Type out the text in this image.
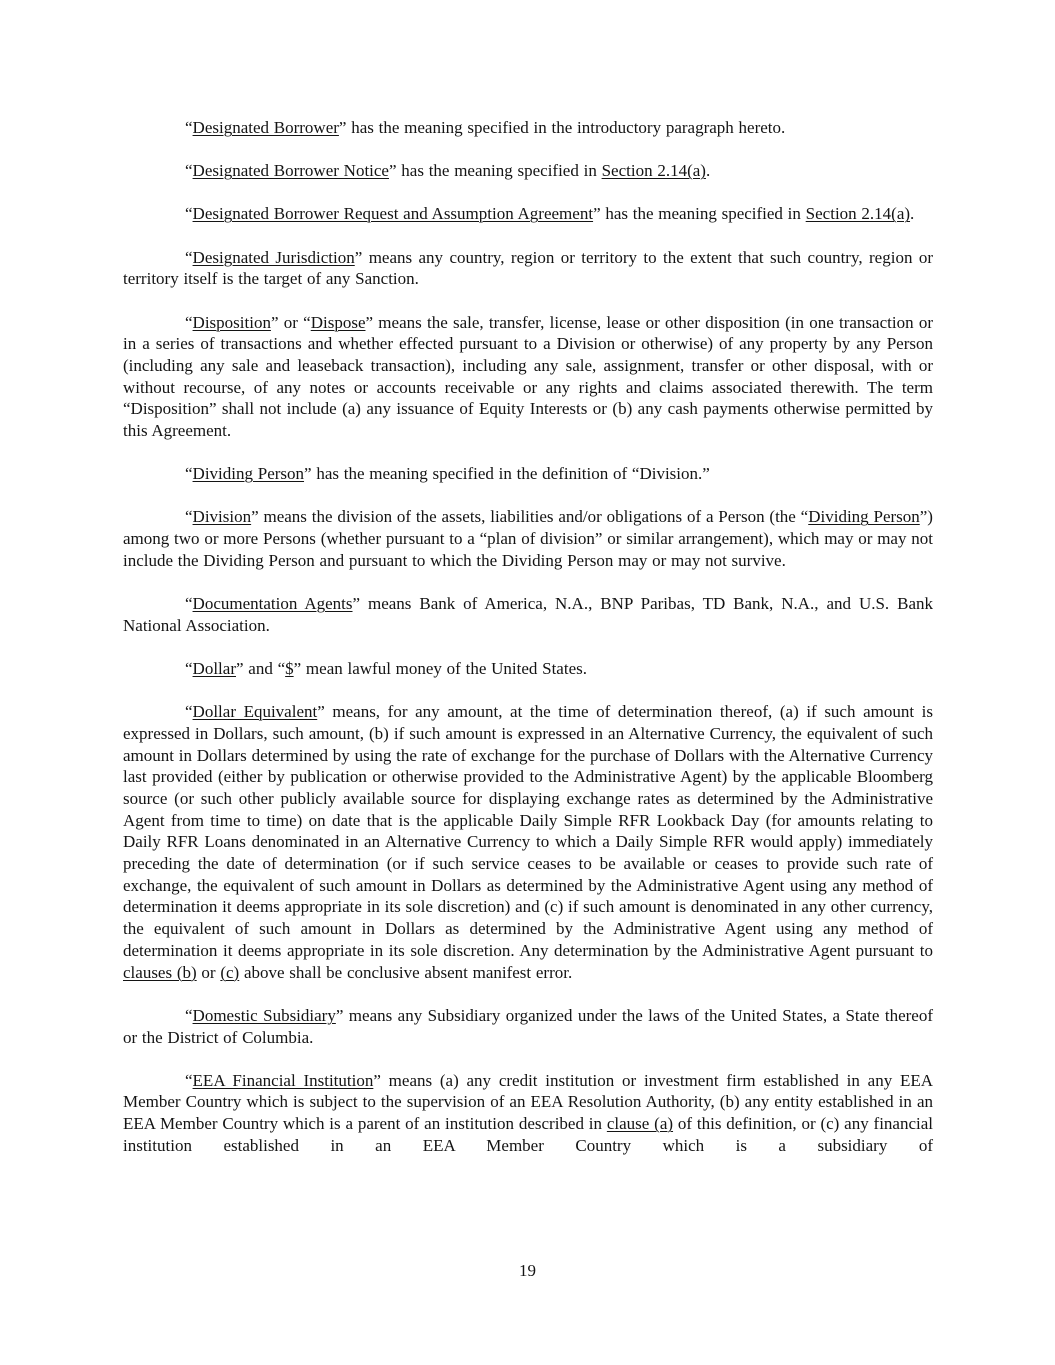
“Designated Borrower” has the meaning specified in the introductory paragraph hereto.

“Designated Borrower Notice” has the meaning specified in Section 2.14(a).

“Designated Borrower Request and Assumption Agreement” has the meaning specified in Section 2.14(a).

“Designated Jurisdiction” means any country, region or territory to the extent that such country, region or territory itself is the target of any Sanction.

“Disposition” or “Dispose” means the sale, transfer, license, lease or other disposition (in one transaction or in a series of transactions and whether effected pursuant to a Division or otherwise) of any property by any Person (including any sale and leaseback transaction), including any sale, assignment, transfer or other disposal, with or without recourse, of any notes or accounts receivable or any rights and claims associated therewith. The term “Disposition” shall not include (a) any issuance of Equity Interests or (b) any cash payments otherwise permitted by this Agreement.

“Dividing Person” has the meaning specified in the definition of “Division.”

“Division” means the division of the assets, liabilities and/or obligations of a Person (the “Dividing Person”) among two or more Persons (whether pursuant to a “plan of division” or similar arrangement), which may or may not include the Dividing Person and pursuant to which the Dividing Person may or may not survive.

“Documentation Agents” means Bank of America, N.A., BNP Paribas, TD Bank, N.A., and U.S. Bank National Association.

“Dollar” and “$” mean lawful money of the United States.

“Dollar Equivalent” means, for any amount, at the time of determination thereof, (a) if such amount is expressed in Dollars, such amount, (b) if such amount is expressed in an Alternative Currency, the equivalent of such amount in Dollars determined by using the rate of exchange for the purchase of Dollars with the Alternative Currency last provided (either by publication or otherwise provided to the Administrative Agent) by the applicable Bloomberg source (or such other publicly available source for displaying exchange rates as determined by the Administrative Agent from time to time) on date that is the applicable Daily Simple RFR Lookback Day (for amounts relating to Daily RFR Loans denominated in an Alternative Currency to which a Daily Simple RFR would apply) immediately preceding the date of determination (or if such service ceases to be available or ceases to provide such rate of exchange, the equivalent of such amount in Dollars as determined by the Administrative Agent using any method of determination it deems appropriate in its sole discretion) and (c) if such amount is denominated in any other currency, the equivalent of such amount in Dollars as determined by the Administrative Agent using any method of determination it deems appropriate in its sole discretion. Any determination by the Administrative Agent pursuant to clauses (b) or (c) above shall be conclusive absent manifest error.

“Domestic Subsidiary” means any Subsidiary organized under the laws of the United States, a State thereof or the District of Columbia.

“EEA Financial Institution” means (a) any credit institution or investment firm established in any EEA Member Country which is subject to the supervision of an EEA Resolution Authority, (b) any entity established in an EEA Member Country which is a parent of an institution described in clause (a) of this definition, or (c) any financial institution established in an EEA Member Country which is a subsidiary of

19
